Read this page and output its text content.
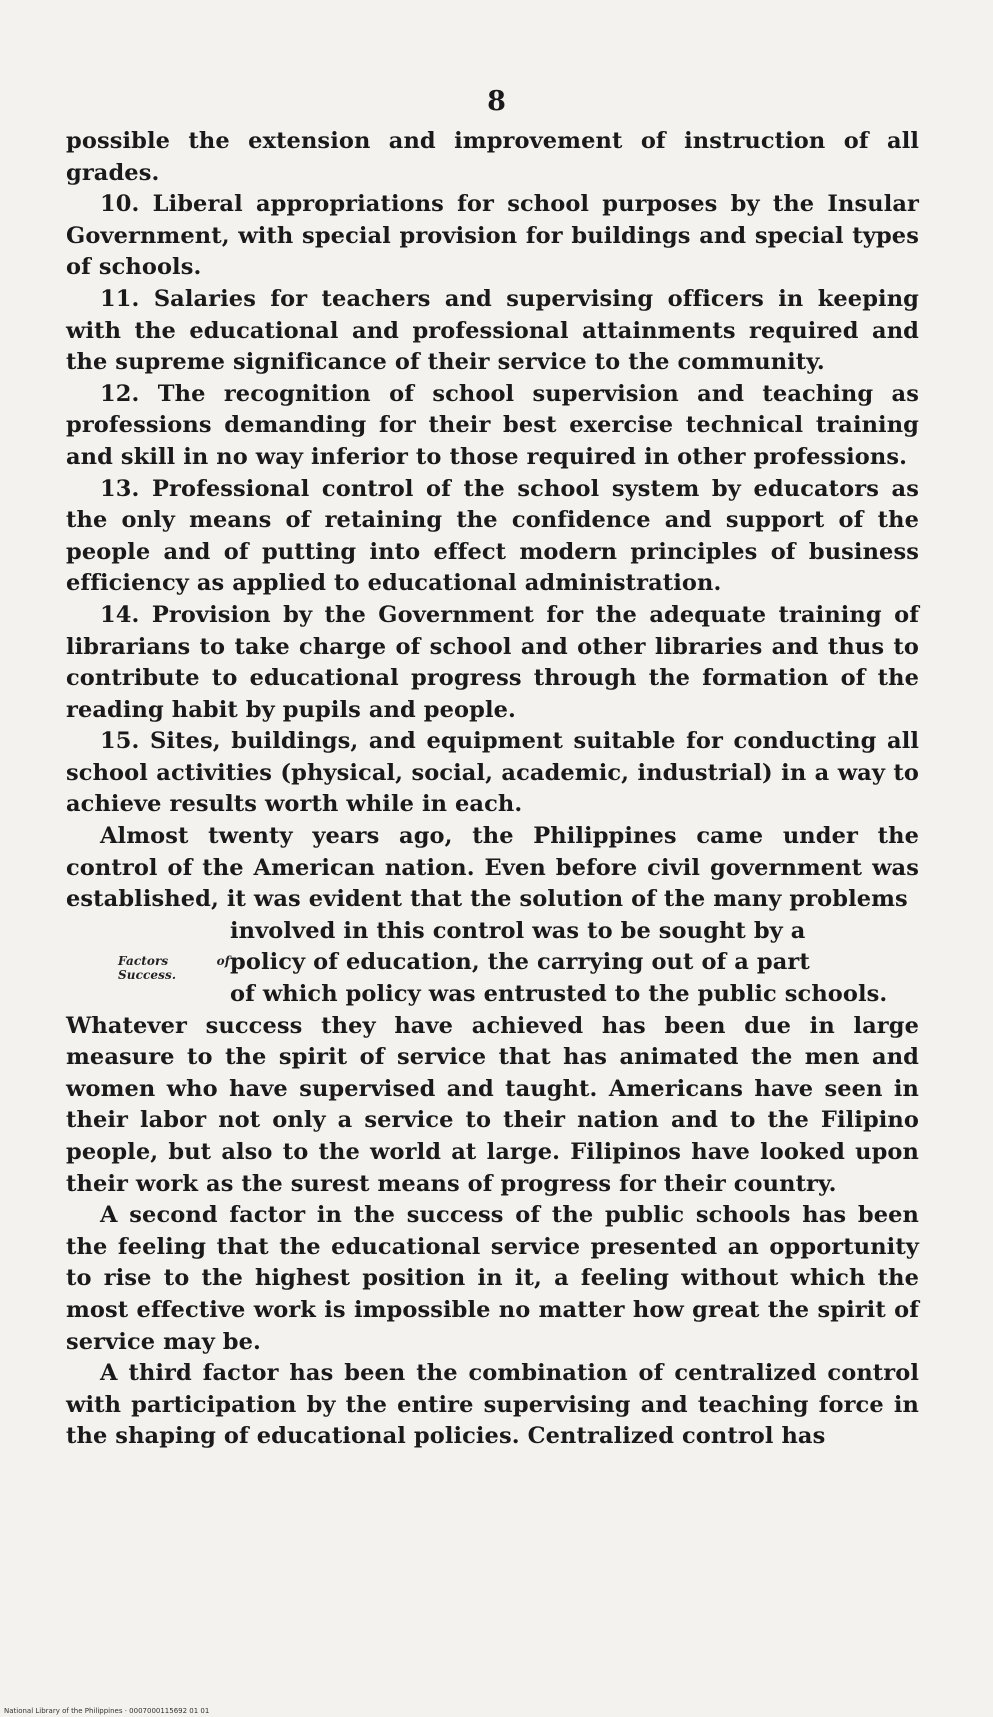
8

possible the extension and improvement of instruction of all grades.

10. Liberal appropriations for school purposes by the Insular Government, with special provision for buildings and special types of schools.

11. Salaries for teachers and supervising officers in keeping with the educational and professional attainments required and the supreme significance of their service to the community.

12. The recognition of school supervision and teaching as professions demanding for their best exercise technical training and skill in no way inferior to those required in other professions.

13. Professional control of the school system by educators as the only means of retaining the confidence and support of the people and of putting into effect modern principles of business efficiency as applied to educational administration.

14. Provision by the Government for the adequate training of librarians to take charge of school and other libraries and thus to contribute to educational progress through the formation of the reading habit by pupils and people.

15. Sites, buildings, and equipment suitable for conducting all school activities (physical, social, academic, industrial) in a way to achieve results worth while in each.

Almost twenty years ago, the Philippines came under the control of the American nation. Even before civil government was established, it was evident that the solution of the many problems

Factors of Success.

involved in this control was to be sought by a

policy of education, the carrying out of a part

of which policy was entrusted to the public schools.

Whatever success they have achieved has been due in large measure to the spirit of service that has animated the men and women who have supervised and taught. Americans have seen in their labor not only a service to their nation and to the Filipino people, but also to the world at large. Filipinos have looked upon their work as the surest means of progress for their country.

A second factor in the success of the public schools has been the feeling that the educational service presented an opportunity to rise to the highest position in it, a feeling without which the most effective work is impossible no matter how great the spirit of service may be.

A third factor has been the combination of centralized control with participation by the entire supervising and teaching force in the shaping of educational policies. Centralized control has

National Library of the Philippines · 0007000115692 01 01
